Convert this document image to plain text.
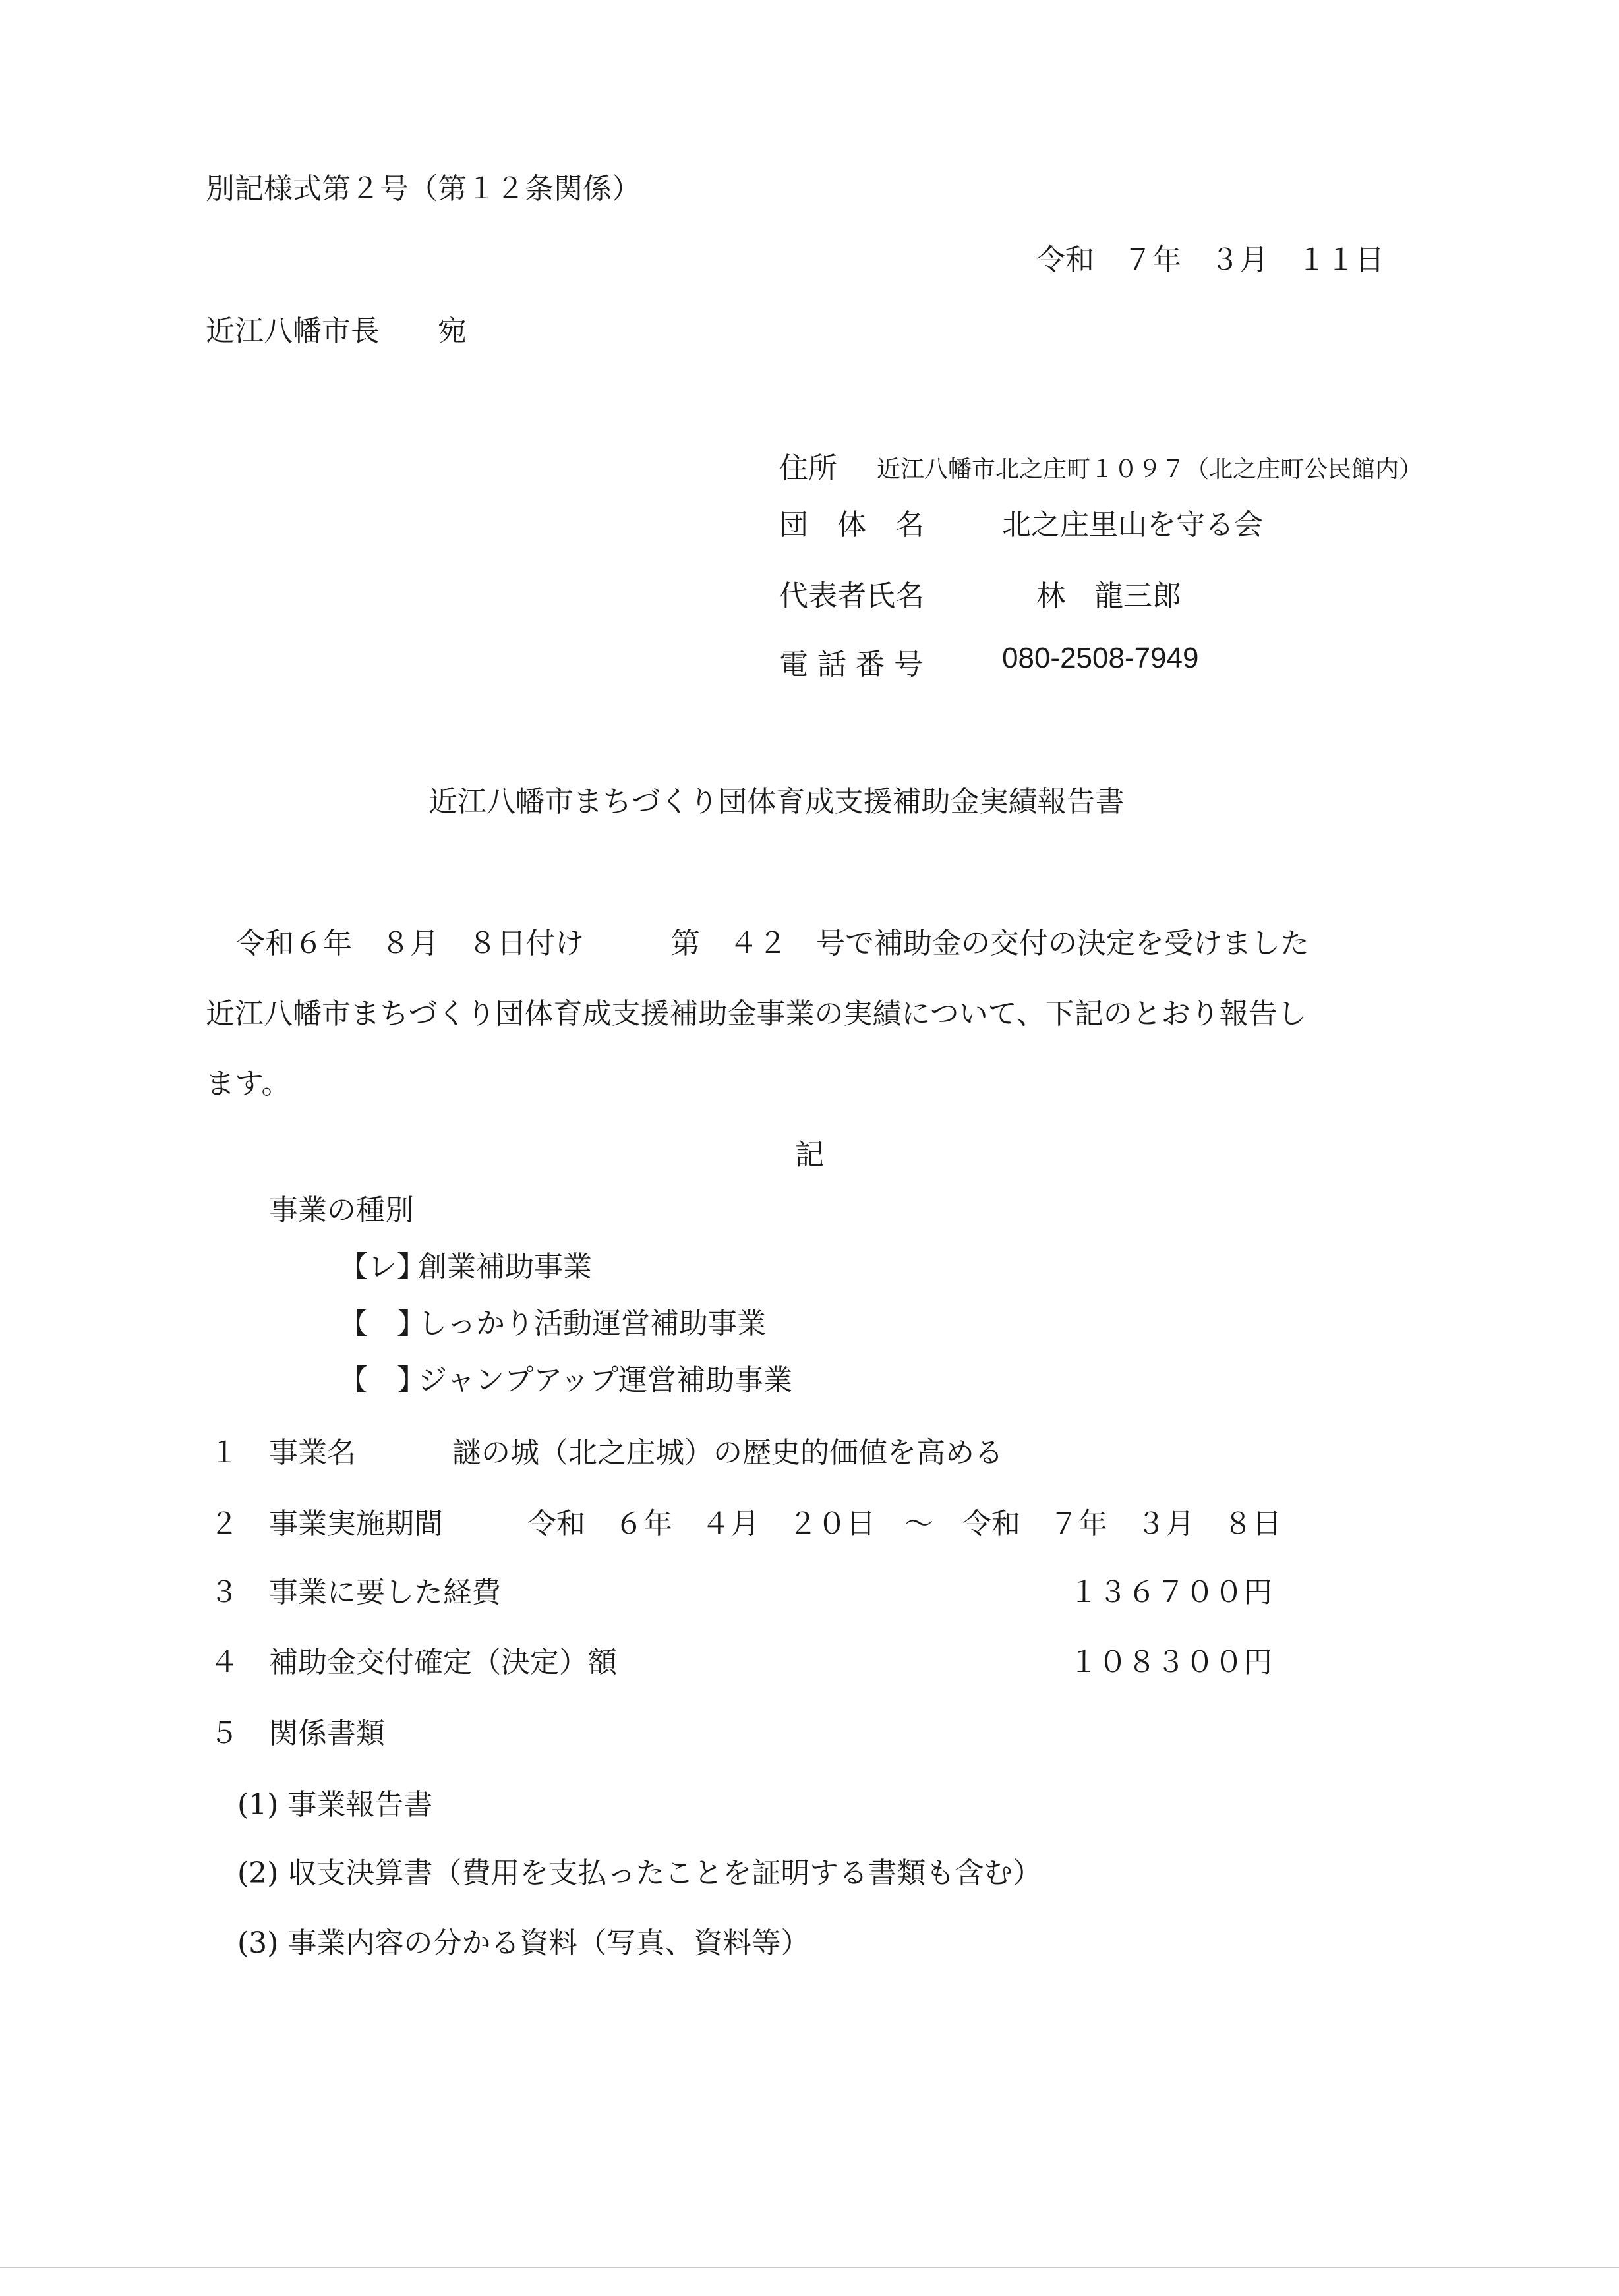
別記様式第２号（第１２条関係）
令和　７年　３月　１１日
近江八幡市長　　宛
住所 近江八幡市北之庄町１０９７（北之庄町公民館内）
団　体　名	北之庄里山を守る会
代表者氏名	林　龍三郎
電 話 番 号	080-2508-7949
近江八幡市まちづくり団体育成支援補助金実績報告書
令和６年　８月　８日付け　　　第　４２　号で補助金の交付の決定を受けました
近江八幡市まちづくり団体育成支援補助金事業の実績について、下記のとおり報告し
ます。
記
事業の種別
【レ】創業補助事業
【　】しっかり活動運営補助事業
【　】ジャンプアップ運営補助事業
１ 事業名	謎の城（北之庄城）の歴史的価値を高める
２ 事業実施期間	令和　６年　４月　２０日　～　令和　７年　３月　８日
３ 事業に要した経費	１３６７００円
４ 補助金交付確定（決定）額	１０８３００円
５ 関係書類
(1) 事業報告書
(2) 収支決算書（費用を支払ったことを証明する書類も含む）
(3) 事業内容の分かる資料（写真、資料等）
